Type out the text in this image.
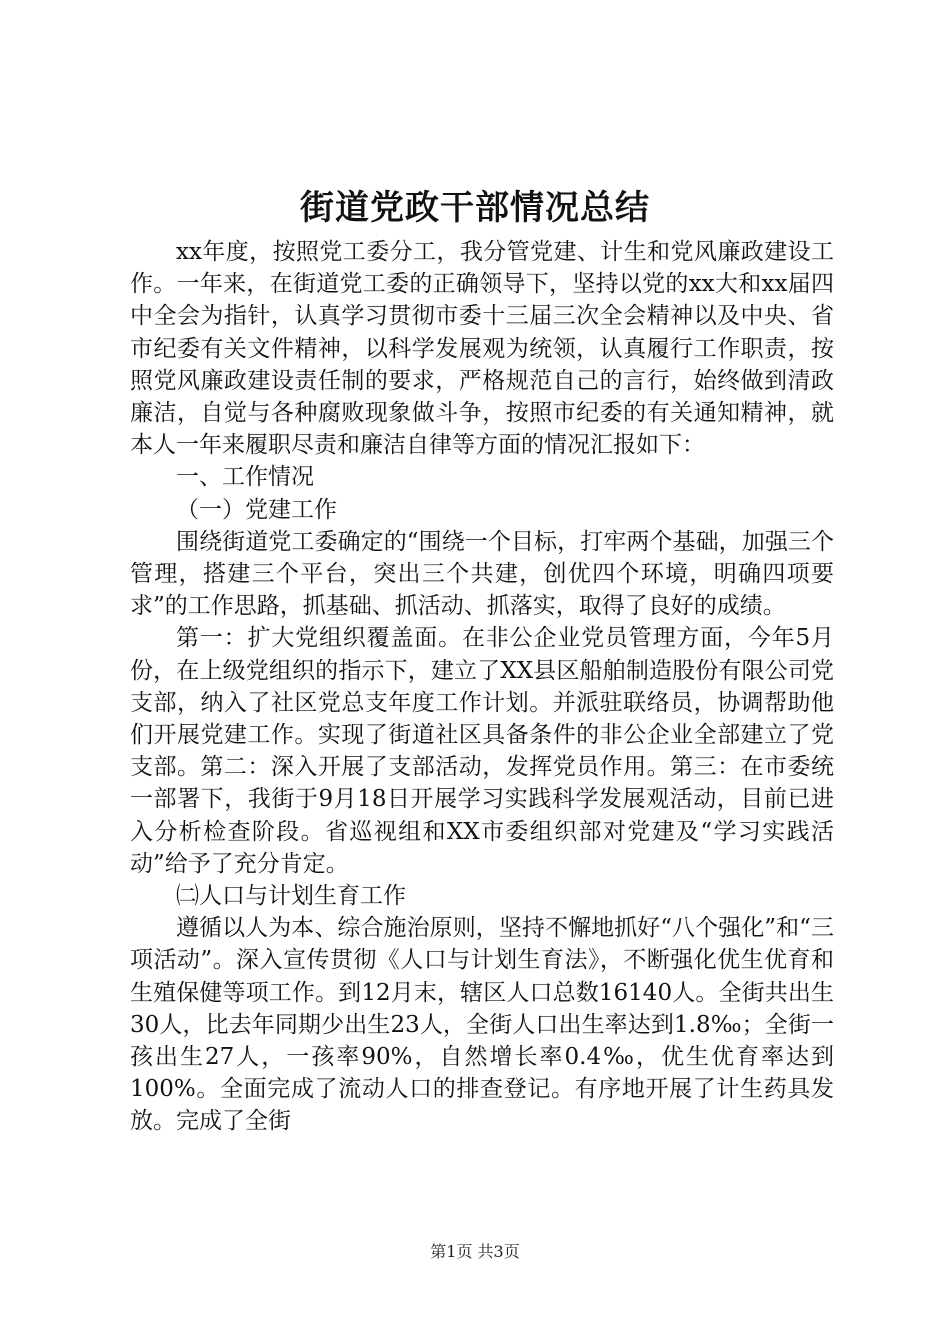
街道党政干部情况总结

xx年度，按照党工委分工，我分管党建、计生和党风廉政建设工作。一年来，在街道党工委的正确领导下，坚持以党的xx大和xx届四中全会为指针，认真学习贯彻市委十三届三次全会精神以及中央、省市纪委有关文件精神，以科学发展观为统领，认真履行工作职责，按照党风廉政建设责任制的要求，严格规范自己的言行，始终做到清政廉洁，自觉与各种腐败现象做斗争，按照市纪委的有关通知精神，就本人一年来履职尽责和廉洁自律等方面的情况汇报如下：

一、工作情况

（一）党建工作

围绕街道党工委确定的“围绕一个目标，打牢两个基础，加强三个管理，搭建三个平台，突出三个共建，创优四个环境，明确四项要求”的工作思路，抓基础、抓活动、抓落实，取得了良好的成绩。

第一：扩大党组织覆盖面。在非公企业党员管理方面，今年5月份，在上级党组织的指示下，建立了XX县区船舶制造股份有限公司党支部，纳入了社区党总支年度工作计划。并派驻联络员，协调帮助他们开展党建工作。实现了街道社区具备条件的非公企业全部建立了党支部。第二：深入开展了支部活动，发挥党员作用。第三：在市委统一部署下，我街于9月18日开展学习实践科学发展观活动，目前已进入分析检查阶段。省巡视组和XX市委组织部对党建及“学习实践活动”给予了充分肯定。

㈡人口与计划生育工作

遵循以人为本、综合施治原则，坚持不懈地抓好“八个强化”和“三项活动”。深入宣传贯彻《人口与计划生育法》，不断强化优生优育和生殖保健等项工作。到12月末，辖区人口总数16140人。全街共出生30人，比去年同期少出生23人，全街人口出生率达到1.8‰；全街一孩出生27人，一孩率90%，自然增长率0.4‰，优生优育率达到100%。全面完成了流动人口的排查登记。有序地开展了计生药具发放。完成了全街

第1页 共3页
